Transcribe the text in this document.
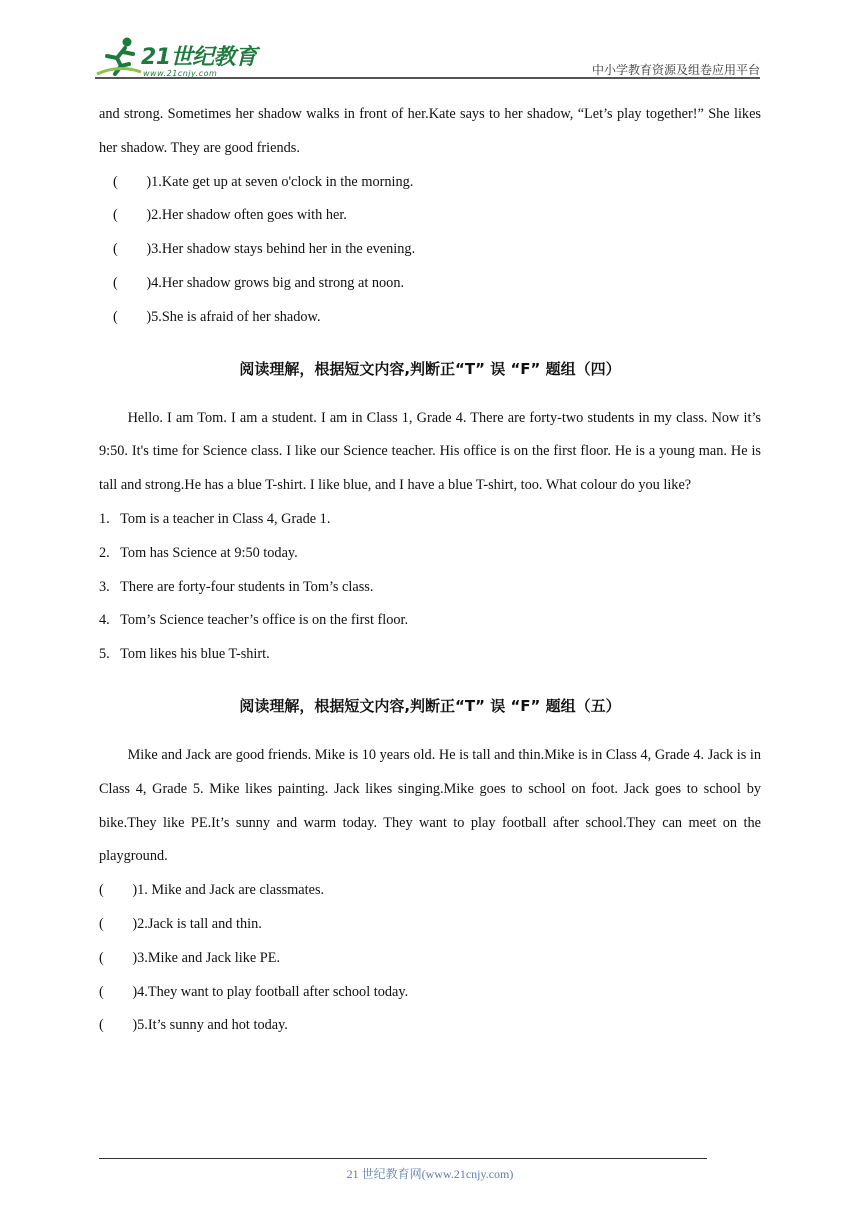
21世纪教育
www.21cnjy.com	中小学教育资源及组卷应用平台

and strong. Sometimes her shadow walks in front of her.Kate says to her shadow, “Let’s play together!” She likes her shadow. They are good friends.

(        )1.Kate get up at seven o'clock in the morning.

(        )2.Her shadow often goes with her.

(        )3.Her shadow stays behind her in the evening.

(        )4.Her shadow grows big and strong at noon.

(        )5.She is afraid of her shadow.

阅读理解，根据短文内容,判断正“T” 误 “F” 题组（四）

Hello. I am Tom. I am a student. I am in Class 1, Grade 4. There are forty-two students in my class. Now it’s 9:50. It's time for Science class. I like our Science teacher. His office is on the first floor. He is a young man. He is tall and strong.He has a blue T-shirt. I like blue, and I have a blue T-shirt, too. What colour do you like?

1.   Tom is a teacher in Class 4, Grade 1.

2.   Tom has Science at 9:50 today.

3.   There are forty-four students in Tom’s class.

4.   Tom’s Science teacher’s office is on the first floor.

5.   Tom likes his blue T-shirt.

阅读理解，根据短文内容,判断正“T” 误 “F” 题组（五）

Mike and Jack are good friends. Mike is 10 years old. He is tall and thin.Mike is in Class 4, Grade 4. Jack is in Class 4, Grade 5. Mike likes painting. Jack likes singing.Mike goes to school on foot. Jack goes to school by bike.They like PE.It’s sunny and warm today. They want to play football after school.They can meet on the playground.

(        )1. Mike and Jack are classmates.

(        )2.Jack is tall and thin.

(        )3.Mike and Jack like PE.

(        )4.They want to play football after school today.

(        )5.It’s sunny and hot today.

21 世纪教育网(www.21cnjy.com)
